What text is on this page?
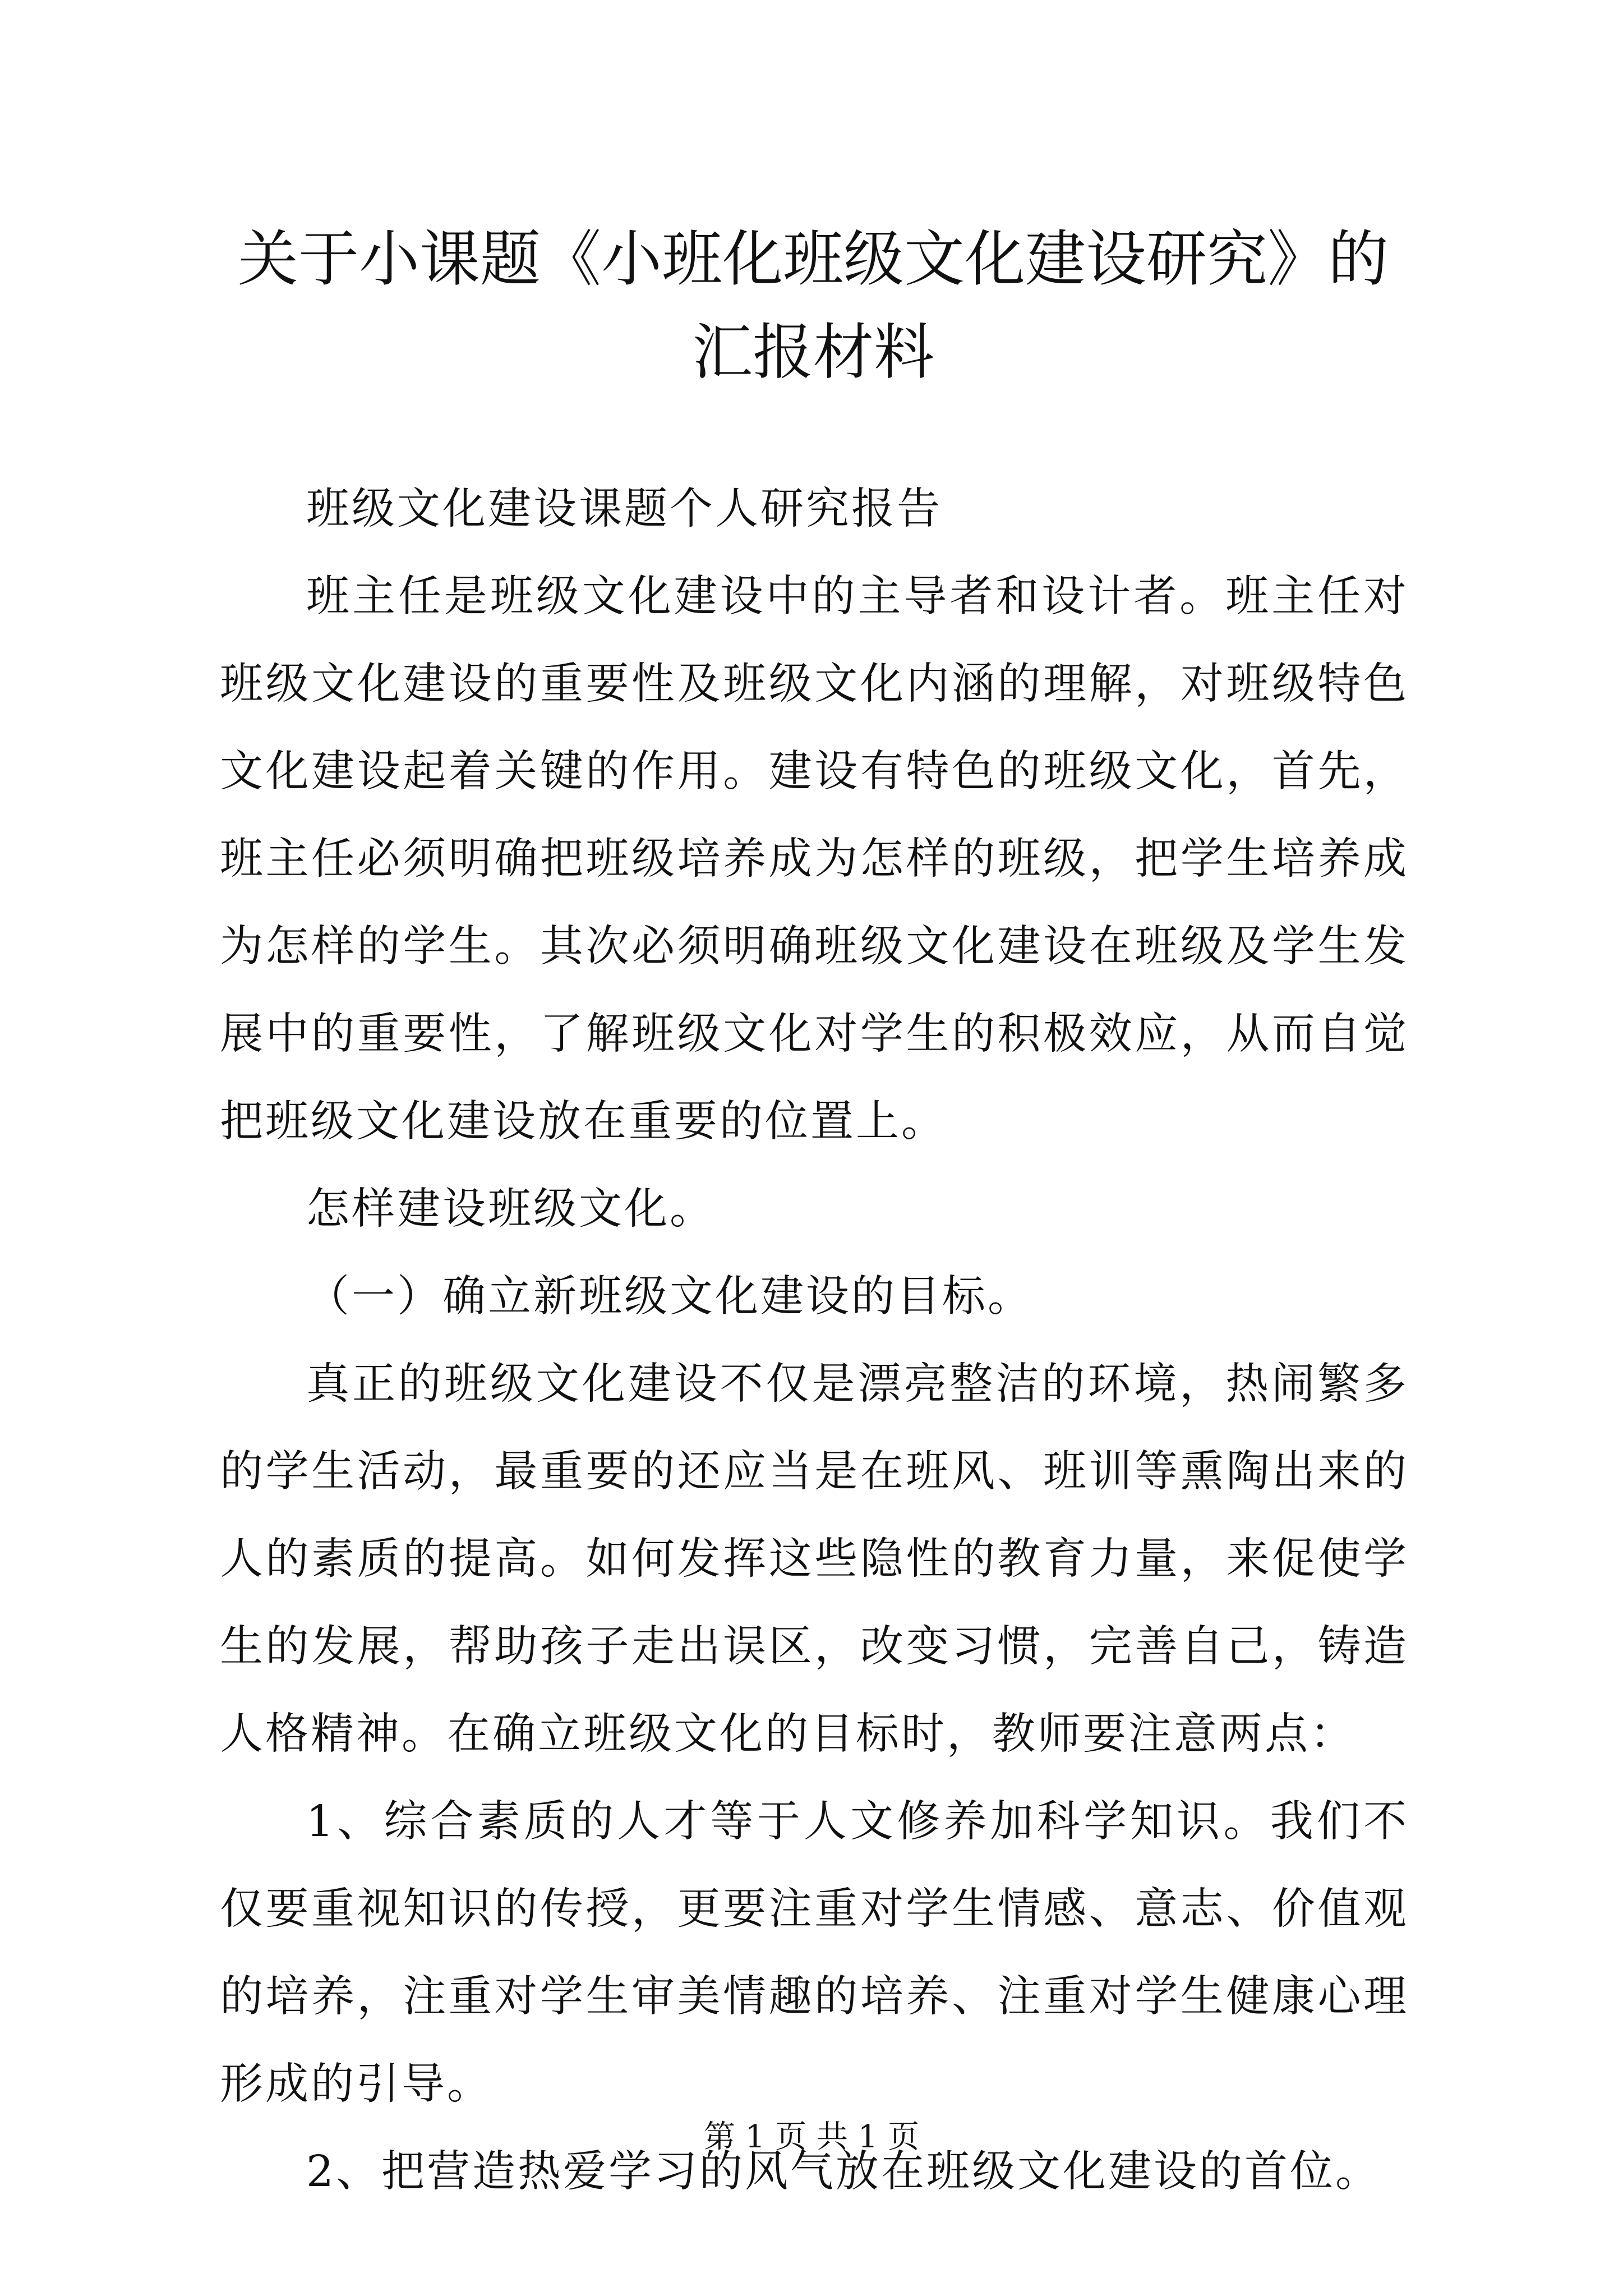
关于小课题《小班化班级文化建设研究》的汇报材料

班级文化建设课题个人研究报告

班主任是班级文化建设中的主导者和设计者。班主任对班级文化建设的重要性及班级文化内涵的理解，对班级特色文化建设起着关键的作用。建设有特色的班级文化，首先，班主任必须明确把班级培养成为怎样的班级，把学生培养成为怎样的学生。其次必须明确班级文化建设在班级及学生发展中的重要性，了解班级文化对学生的积极效应，从而自觉把班级文化建设放在重要的位置上。

怎样建设班级文化。

（一）确立新班级文化建设的目标。

真正的班级文化建设不仅是漂亮整洁的环境，热闹繁多的学生活动，最重要的还应当是在班风、班训等熏陶出来的人的素质的提高。如何发挥这些隐性的教育力量，来促使学生的发展，帮助孩子走出误区，改变习惯，完善自己，铸造人格精神。在确立班级文化的目标时，教师要注意两点：

1、综合素质的人才等于人文修养加科学知识。我们不仅要重视知识的传授，更要注重对学生情感、意志、价值观的培养，注重对学生审美情趣的培养、注重对学生健康心理形成的引导。

2、把营造热爱学习的风气放在班级文化建设的首位。

第 1 页 共 1 页
